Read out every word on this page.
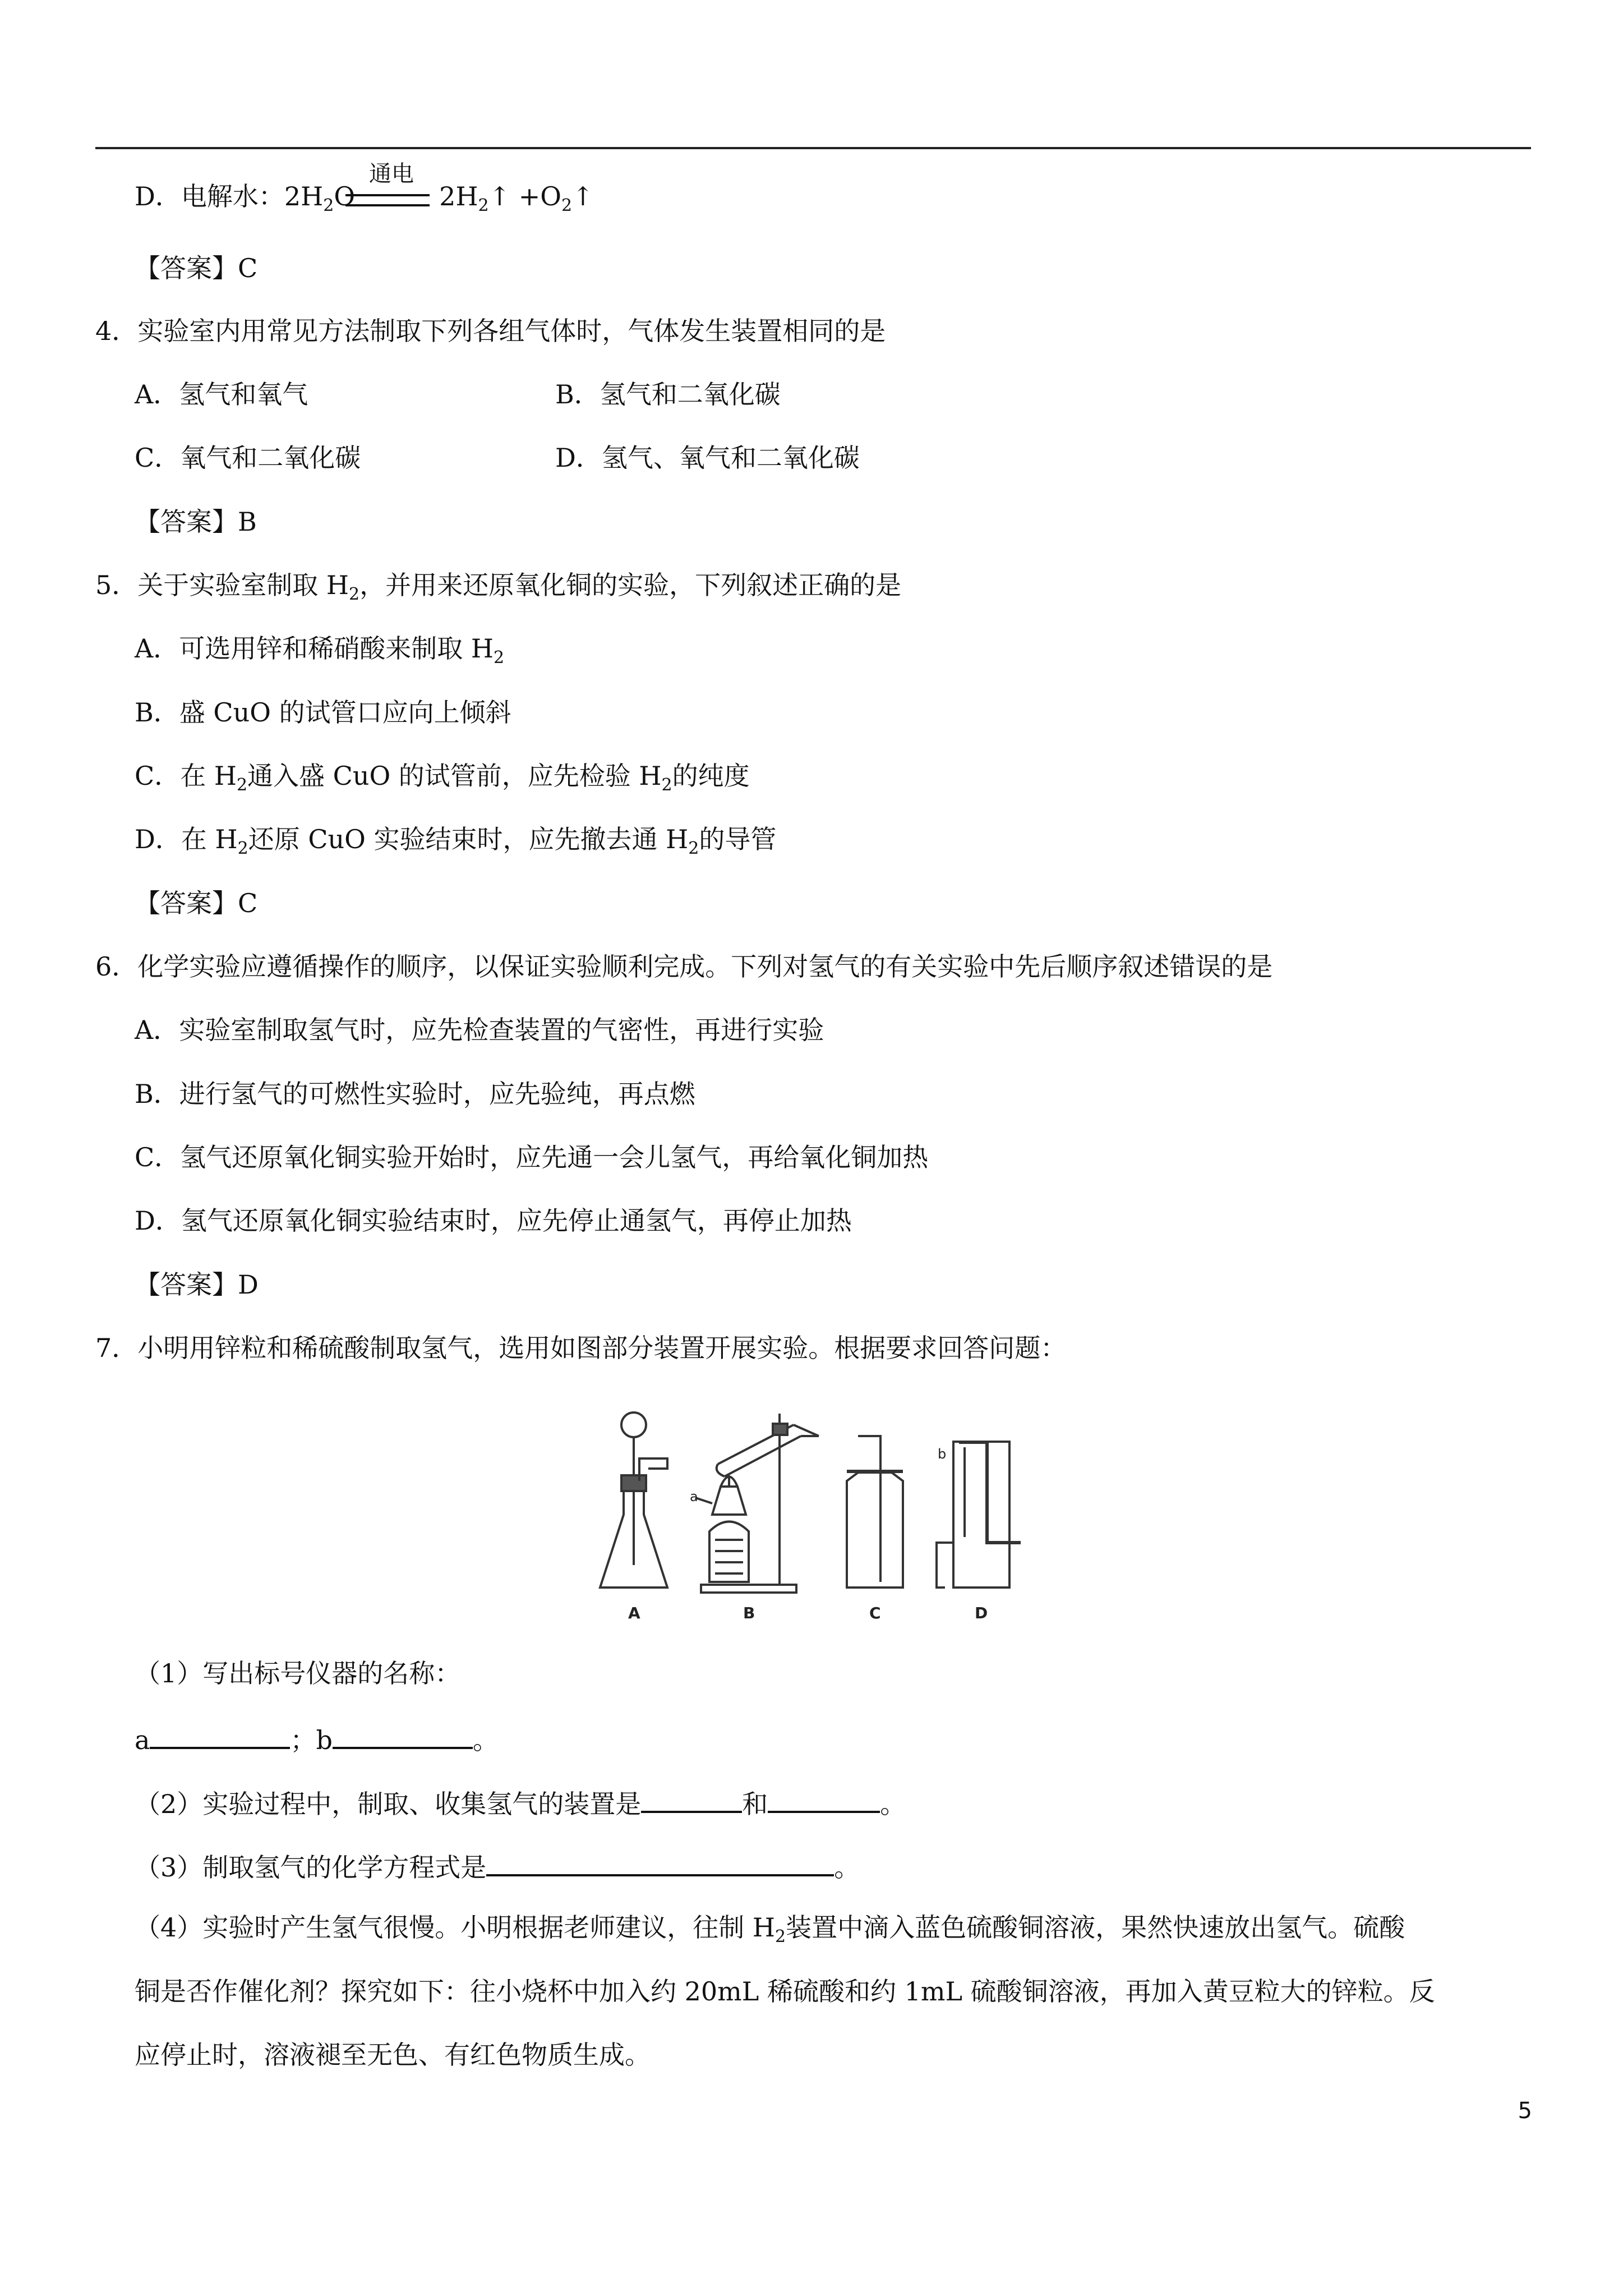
D．电解水：$2H_2O$	$2H_2↑$ $+O_2↑$
通电
【答案】C
4．实验室内用常见方法制取下列各组气体时，气体发生装置相同的是
A．氢气和氧气	B．氢气和二氧化碳
C．氧气和二氧化碳	D．氢气、氧气和二氧化碳
【答案】B
5．关于实验室制取 $H_2$，并用来还原氧化铜的实验，下列叙述正确的是
A．可选用锌和稀硝酸来制取 $H_2$
B．盛 CuO 的试管口应向上倾斜
C．在 $H_2$通入盛 CuO 的试管前，应先检验 $H_2$的纯度
D．在 $H_2$还原 CuO 实验结束时，应先撤去通 $H_2$的导管
【答案】C
6．化学实验应遵循操作的顺序，以保证实验顺利完成。下列对氢气的有关实验中先后顺序叙述错误的是
A．实验室制取氢气时，应先检查装置的气密性，再进行实验
B．进行氢气的可燃性实验时，应先验纯，再点燃
C．氢气还原氧化铜实验开始时，应先通一会儿氢气，再给氧化铜加热
D．氢气还原氧化铜实验结束时，应先停止通氢气，再停止加热
【答案】D
7．小明用锌粒和稀硫酸制取氢气，选用如图部分装置开展实验。根据要求回答问题：
a
b
A	B	C	D
（1）写出标号仪器的名称：
a	；b	。
（2）实验过程中，制取、收集氢气的装置是	和	。
（3）制取氢气的化学方程式是	。
（4）实验时产生氢气很慢。小明根据老师建议，往制 $H_2$装置中滴入蓝色硫酸铜溶液，果然快速放出氢气。硫酸
铜是否作催化剂？探究如下：往小烧杯中加入约 20mL 稀硫酸和约 1mL 硫酸铜溶液，再加入黄豆粒大的锌粒。反
应停止时，溶液褪至无色、有红色物质生成。
5
